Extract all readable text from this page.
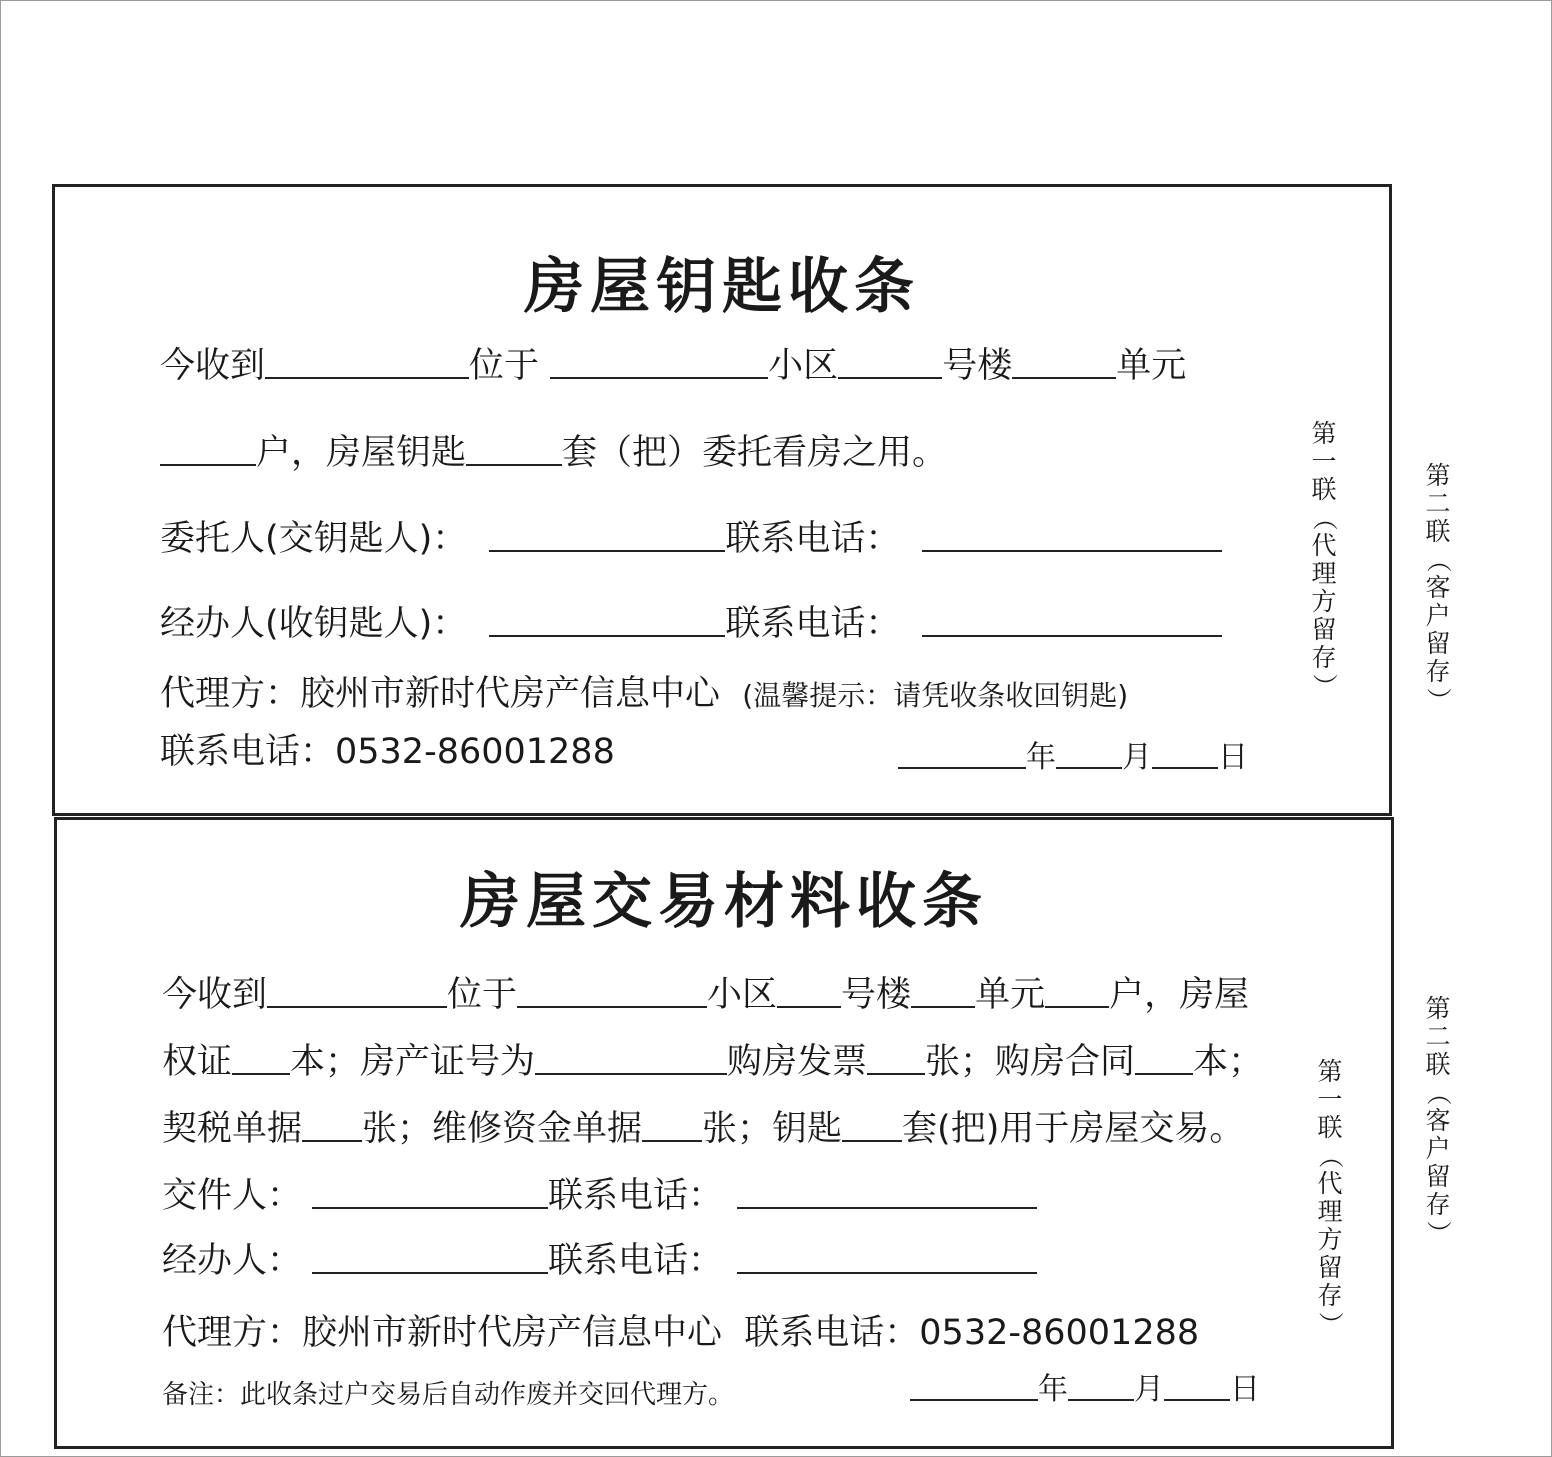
房屋钥匙收条
今收到	位于	小区	号楼	单元
户，房屋钥匙	套（把）委托看房之用。
委托人(交钥匙人)：	联系电话：
经办人(收钥匙人)：	联系电话：
代理方：胶州市新时代房产信息中心 (温馨提示：请凭收条收回钥匙)
联系电话：0532-86001288	年 月 日
第
一
联
（
代
理
方
留
存
）
第
二
联
（
客
户
留
存
）
房屋交易材料收条
今收到	位于	小区 号楼 单元 户，房屋
权证 本；房产证号为	购房发票 张；购房合同 本；
契税单据 张；维修资金单据 张；钥匙 套(把)用于房屋交易。
交件人：	联系电话：
经办人：	联系电话：
代理方：胶州市新时代房产信息中心 联系电话：0532-86001288
备注：此收条过户交易后自动作废并交回代理方。	年 月 日
第
一
联
（
代
理
方
留
存
）
第
二
联
（
客
户
留
存
）
